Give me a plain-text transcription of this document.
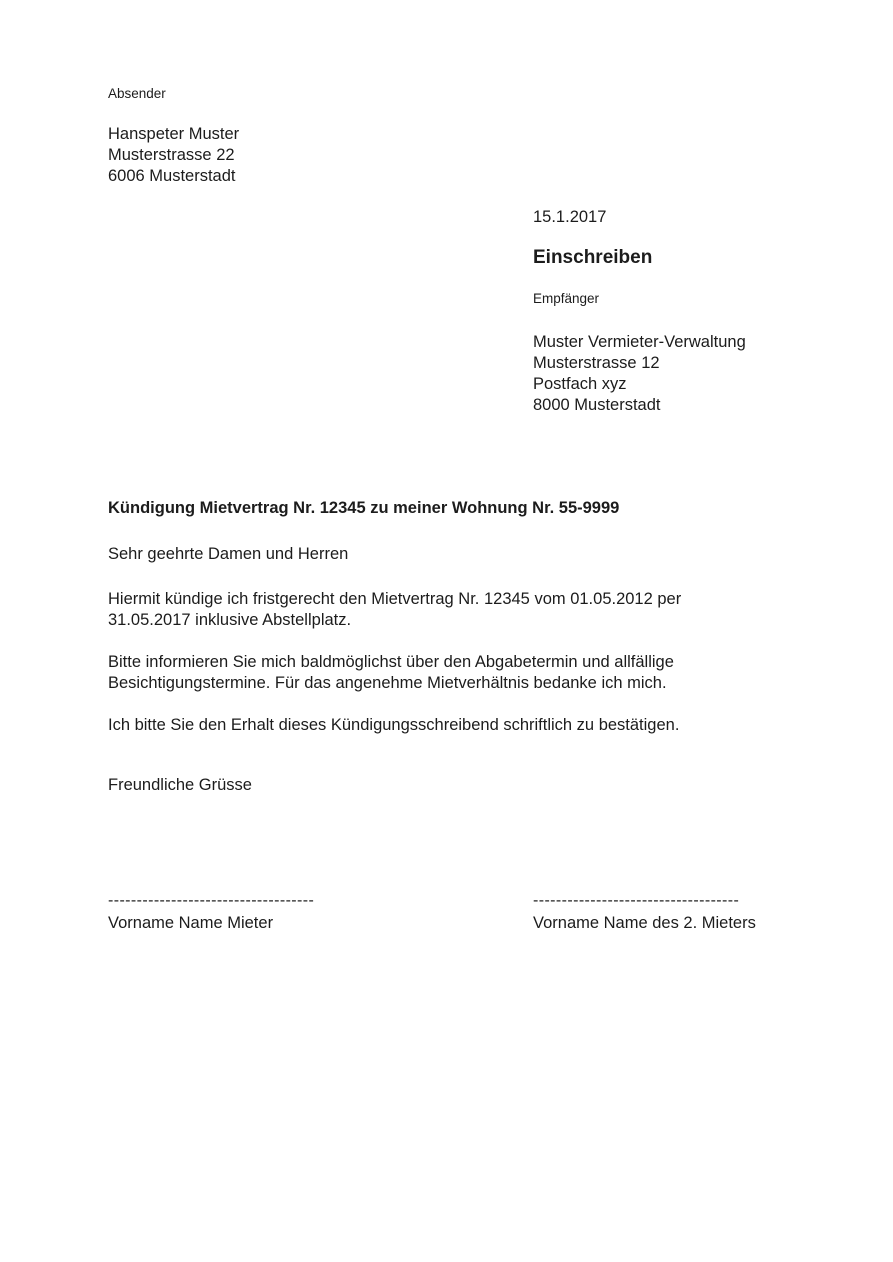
Absender
Hanspeter Muster
Musterstrasse 22
6006 Musterstadt
15.1.2017
Einschreiben
Empfänger
Muster Vermieter-Verwaltung
Musterstrasse 12
Postfach xyz
8000 Musterstadt
Kündigung Mietvertrag Nr. 12345 zu meiner Wohnung Nr. 55-9999
Sehr geehrte Damen und Herren
Hiermit kündige ich fristgerecht den Mietvertrag Nr. 12345 vom 01.05.2012 per
31.05.2017 inklusive Abstellplatz.
Bitte informieren Sie mich baldmöglichst über den Abgabetermin und allfällige
Besichtigungstermine. Für das angenehme Mietverhältnis bedanke ich mich.
Ich bitte Sie den Erhalt dieses Kündigungsschreibend schriftlich zu bestätigen.
Freundliche Grüsse
------------------------------------
Vorname Name Mieter
------------------------------------
Vorname Name des 2. Mieters
